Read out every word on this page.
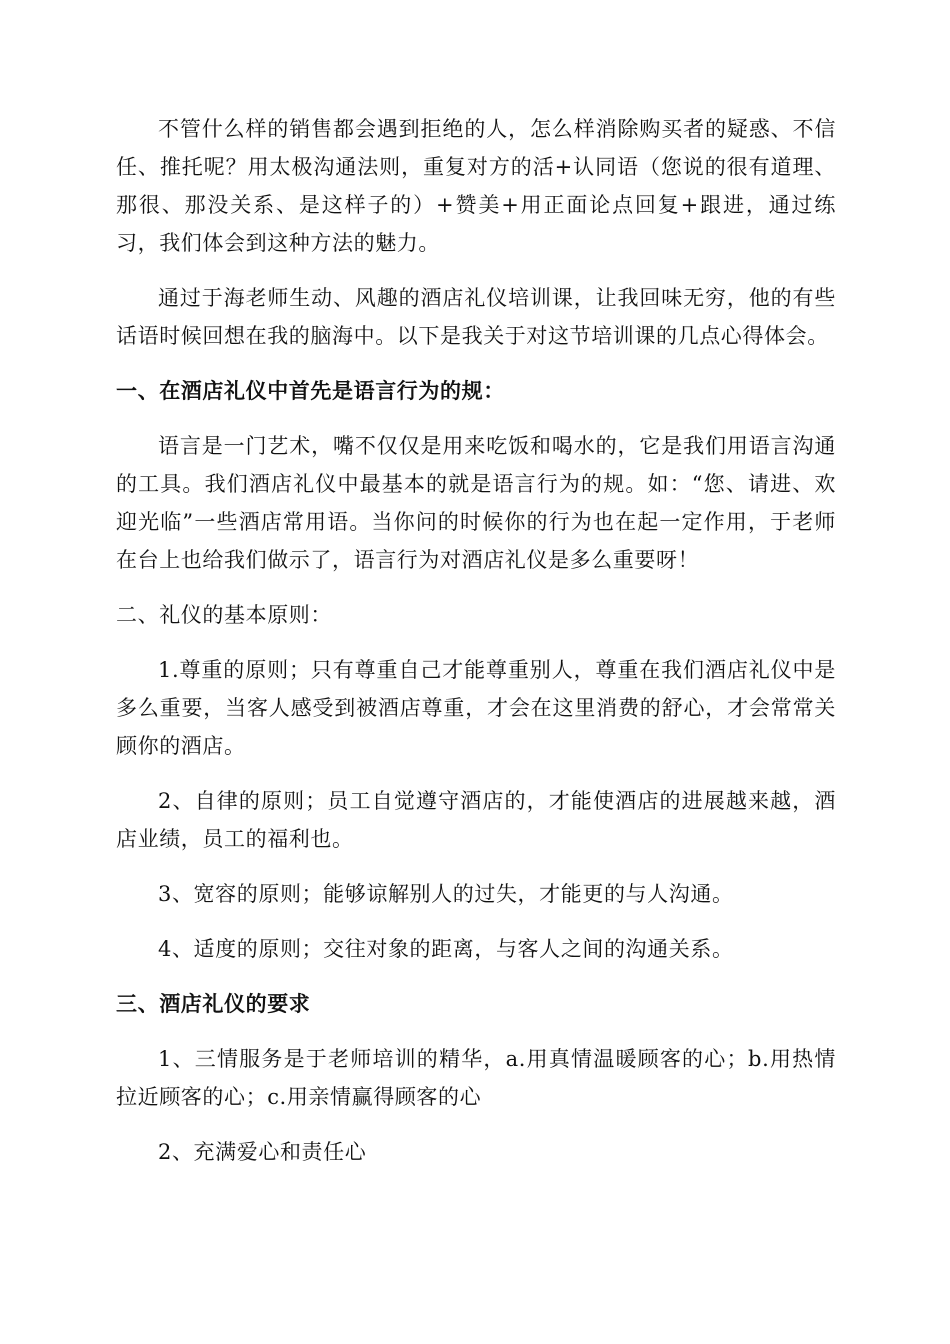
不管什么样的销售都会遇到拒绝的人，怎么样消除购买者的疑惑、不信任、推托呢？用太极沟通法则，重复对方的活+认同语（您说的很有道理、那很、那没关系、是这样子的）+赞美+用正面论点回复+跟进，通过练习，我们体会到这种方法的魅力。

通过于海老师生动、风趣的酒店礼仪培训课，让我回味无穷，他的有些话语时候回想在我的脑海中。以下是我关于对这节培训课的几点心得体会。

一、在酒店礼仪中首先是语言行为的规：

语言是一门艺术，嘴不仅仅是用来吃饭和喝水的，它是我们用语言沟通的工具。我们酒店礼仪中最基本的就是语言行为的规。如：“您、请进、欢迎光临”一些酒店常用语。当你问的时候你的行为也在起一定作用，于老师在台上也给我们做示了，语言行为对酒店礼仪是多么重要呀！

二、礼仪的基本原则：

1.尊重的原则；只有尊重自己才能尊重别人，尊重在我们酒店礼仪中是多么重要，当客人感受到被酒店尊重，才会在这里消费的舒心，才会常常关顾你的酒店。

2、自律的原则；员工自觉遵守酒店的，才能使酒店的进展越来越，酒店业绩，员工的福利也。

3、宽容的原则；能够谅解别人的过失，才能更的与人沟通。

4、适度的原则；交往对象的距离，与客人之间的沟通关系。

三、酒店礼仪的要求

1、三情服务是于老师培训的精华，a.用真情温暖顾客的心；b.用热情拉近顾客的心；c.用亲情赢得顾客的心

2、充满爱心和责任心
